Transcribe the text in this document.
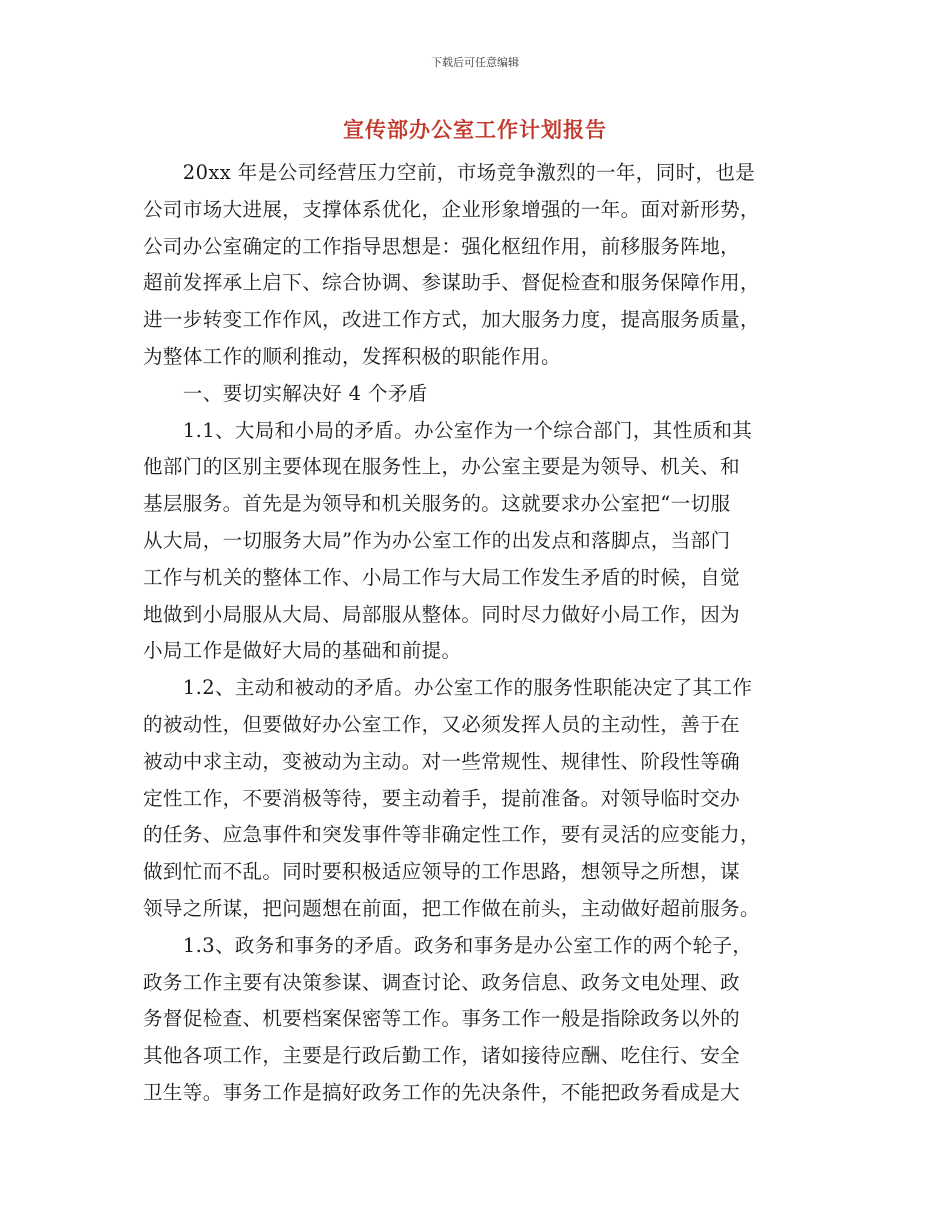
下载后可任意编辑
宣传部办公室工作计划报告
　　20xx 年是公司经营压力空前，市场竞争激烈的一年，同时，也是
公司市场大进展，支撑体系优化，企业形象增强的一年。面对新形势，
公司办公室确定的工作指导思想是：强化枢纽作用，前移服务阵地，
超前发挥承上启下、综合协调、参谋助手、督促检查和服务保障作用，
进一步转变工作作风，改进工作方式，加大服务力度，提高服务质量，
为整体工作的顺利推动，发挥积极的职能作用。
　　一、要切实解决好 4 个矛盾
　　1.1、大局和小局的矛盾。办公室作为一个综合部门，其性质和其
他部门的区别主要体现在服务性上，办公室主要是为领导、机关、和
基层服务。首先是为领导和机关服务的。这就要求办公室把“一切服
从大局，一切服务大局”作为办公室工作的出发点和落脚点，当部门
工作与机关的整体工作、小局工作与大局工作发生矛盾的时候，自觉
地做到小局服从大局、局部服从整体。同时尽力做好小局工作，因为
小局工作是做好大局的基础和前提。
　　1.2、主动和被动的矛盾。办公室工作的服务性职能决定了其工作
的被动性，但要做好办公室工作，又必须发挥人员的主动性，善于在
被动中求主动，变被动为主动。对一些常规性、规律性、阶段性等确
定性工作，不要消极等待，要主动着手，提前准备。对领导临时交办
的任务、应急事件和突发事件等非确定性工作，要有灵活的应变能力，
做到忙而不乱。同时要积极适应领导的工作思路，想领导之所想，谋
领导之所谋，把问题想在前面，把工作做在前头，主动做好超前服务。
　　1.3、政务和事务的矛盾。政务和事务是办公室工作的两个轮子，
政务工作主要有决策参谋、调查讨论、政务信息、政务文电处理、政
务督促检查、机要档案保密等工作。事务工作一般是指除政务以外的
其他各项工作，主要是行政后勤工作，诸如接待应酬、吃住行、安全
卫生等。事务工作是搞好政务工作的先决条件，不能把政务看成是大
